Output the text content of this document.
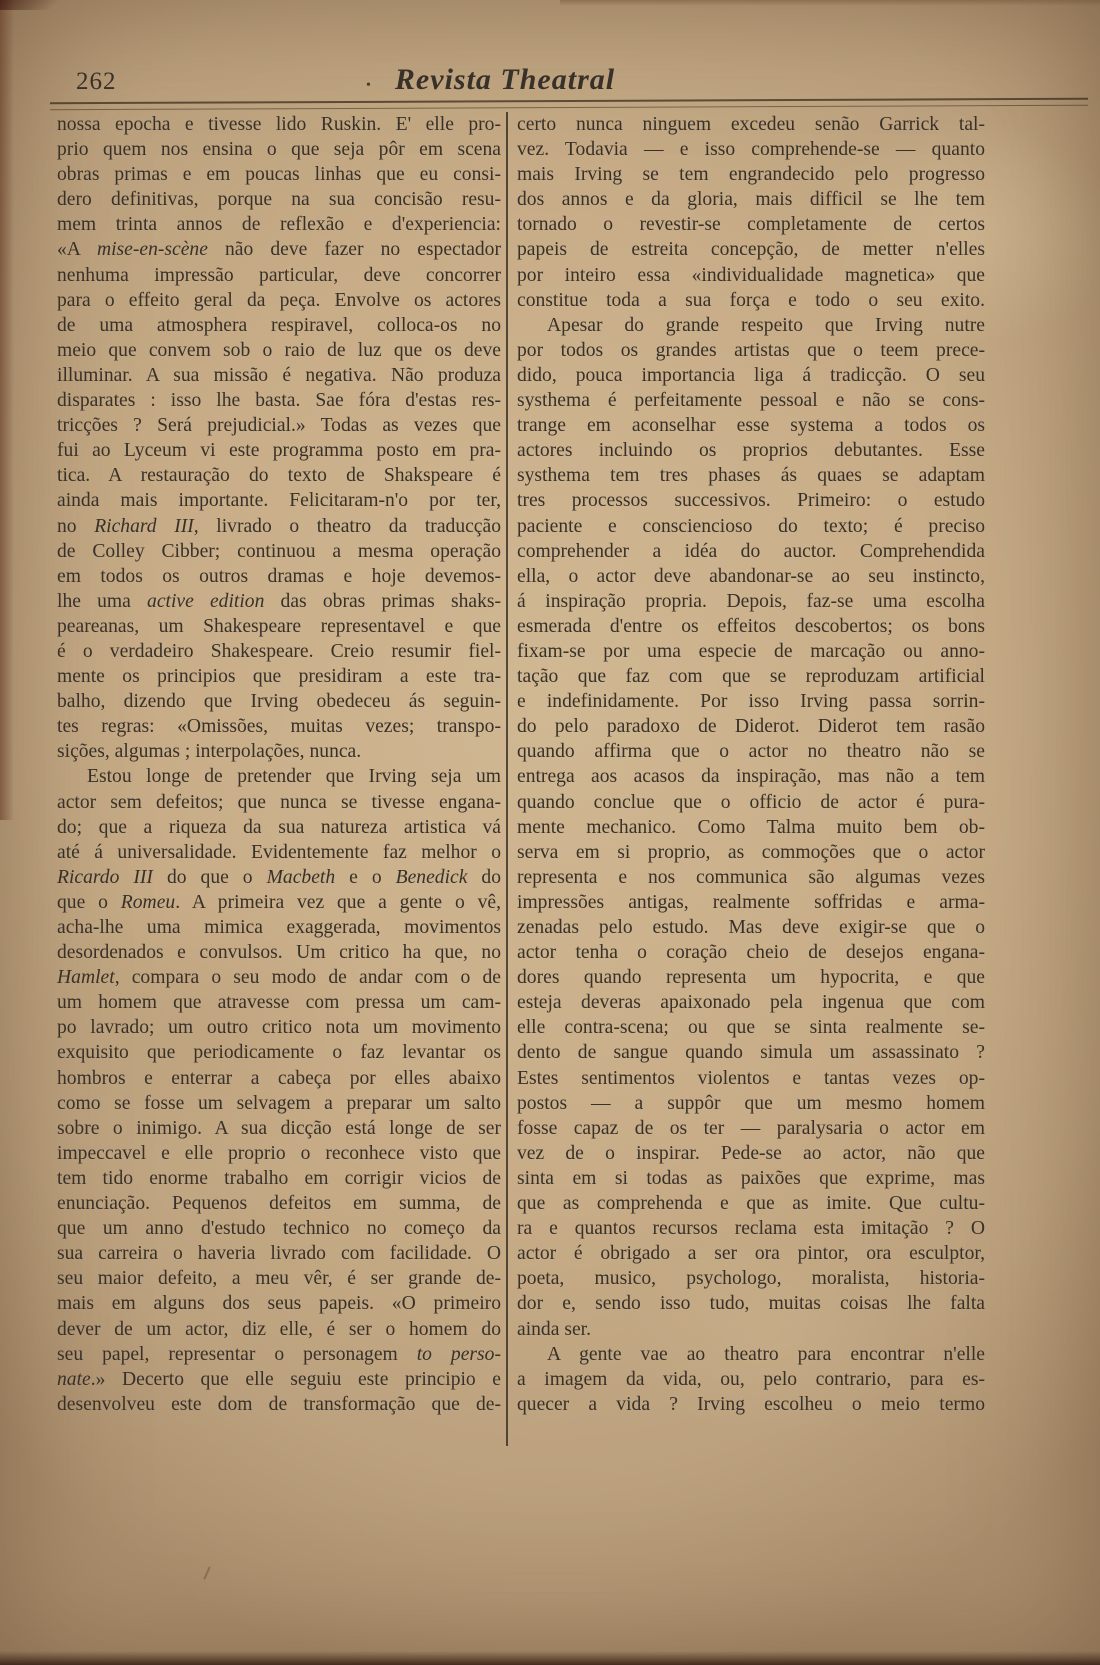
262	• Revista Theatral
nossa epocha e tivesse lido Ruskin. E' elle pro-
prio quem nos ensina o que seja pôr em scena
obras primas e em poucas linhas que eu consi-
dero definitivas, porque na sua concisão resu-
mem trinta annos de reflexão e d'experiencia:
«A mise-en-scène não deve fazer no espectador
nenhuma impressão particular, deve concorrer
para o effeito geral da peça. Envolve os actores
de uma atmosphera respiravel, colloca-os no
meio que convem sob o raio de luz que os deve
illuminar. A sua missão é negativa. Não produza
disparates : isso lhe basta. Sae fóra d'estas res-
tricções ? Será prejudicial.» Todas as vezes que
fui ao Lyceum vi este programma posto em pra-
tica. A restauração do texto de Shakspeare é
ainda mais importante. Felicitaram-n'o por ter,
no Richard III, livrado o theatro da traducção
de Colley Cibber; continuou a mesma operação
em todos os outros dramas e hoje devemos-
lhe uma active edition das obras primas shaks-
peareanas, um Shakespeare representavel e que
é o verdadeiro Shakespeare. Creio resumir fiel-
mente os principios que presidiram a este tra-
balho, dizendo que Irving obedeceu ás seguin-
tes regras: «Omissões, muitas vezes; transpo-
sições, algumas ; interpolações, nunca.
Estou longe de pretender que Irving seja um
actor sem defeitos; que nunca se tivesse engana-
do; que a riqueza da sua natureza artistica vá
até á universalidade. Evidentemente faz melhor o
Ricardo III do que o Macbeth e o Benedick do
que o Romeu. A primeira vez que a gente o vê,
acha-lhe uma mimica exaggerada, movimentos
desordenados e convulsos. Um critico ha que, no
Hamlet, compara o seu modo de andar com o de
um homem que atravesse com pressa um cam-
po lavrado; um outro critico nota um movimento
exquisito que periodicamente o faz levantar os
hombros e enterrar a cabeça por elles abaixo
como se fosse um selvagem a preparar um salto
sobre o inimigo. A sua dicção está longe de ser
impeccavel e elle proprio o reconhece visto que
tem tido enorme trabalho em corrigir vicios de
enunciação. Pequenos defeitos em summa, de
que um anno d'estudo technico no começo da
sua carreira o haveria livrado com facilidade. O
seu maior defeito, a meu vêr, é ser grande de-
mais em alguns dos seus papeis. «O primeiro
dever de um actor, diz elle, é ser o homem do
seu papel, representar o personagem to perso-
nate.» Decerto que elle seguiu este principio e
desenvolveu este dom de transformação que de-
certo nunca ninguem excedeu senão Garrick tal-
vez. Todavia — e isso comprehende-se — quanto
mais Irving se tem engrandecido pelo progresso
dos annos e da gloria, mais difficil se lhe tem
tornado o revestir-se completamente de certos
papeis de estreita concepção, de metter n'elles
por inteiro essa «individualidade magnetica» que
constitue toda a sua força e todo o seu exito.
Apesar do grande respeito que Irving nutre
por todos os grandes artistas que o teem prece-
dido, pouca importancia liga á tradicção. O seu
systhema é perfeitamente pessoal e não se cons-
trange em aconselhar esse systema a todos os
actores incluindo os proprios debutantes. Esse
systhema tem tres phases ás quaes se adaptam
tres processos successivos. Primeiro: o estudo
paciente e consciencioso do texto; é preciso
comprehender a idéa do auctor. Comprehendida
ella, o actor deve abandonar-se ao seu instincto,
á inspiração propria. Depois, faz-se uma escolha
esmerada d'entre os effeitos descobertos; os bons
fixam-se por uma especie de marcação ou anno-
tação que faz com que se reproduzam artificial
e indefinidamente. Por isso Irving passa sorrin-
do pelo paradoxo de Diderot. Diderot tem rasão
quando affirma que o actor no theatro não se
entrega aos acasos da inspiração, mas não a tem
quando conclue que o officio de actor é pura-
mente mechanico. Como Talma muito bem ob-
serva em si proprio, as commoções que o actor
representa e nos communica são algumas vezes
impressões antigas, realmente soffridas e arma-
zenadas pelo estudo. Mas deve exigir-se que o
actor tenha o coração cheio de desejos engana-
dores quando representa um hypocrita, e que
esteja deveras apaixonado pela ingenua que com
elle contra-scena; ou que se sinta realmente se-
dento de sangue quando simula um assassinato ?
Estes sentimentos violentos e tantas vezes op-
postos — a suppôr que um mesmo homem
fosse capaz de os ter — paralysaria o actor em
vez de o inspirar. Pede-se ao actor, não que
sinta em si todas as paixões que exprime, mas
que as comprehenda e que as imite. Que cultu-
ra e quantos recursos reclama esta imitação ? O
actor é obrigado a ser ora pintor, ora esculptor,
poeta, musico, psychologo, moralista, historia-
dor e, sendo isso tudo, muitas coisas lhe falta
ainda ser.
A gente vae ao theatro para encontrar n'elle
a imagem da vida, ou, pelo contrario, para es-
quecer a vida ? Irving escolheu o meio termo
